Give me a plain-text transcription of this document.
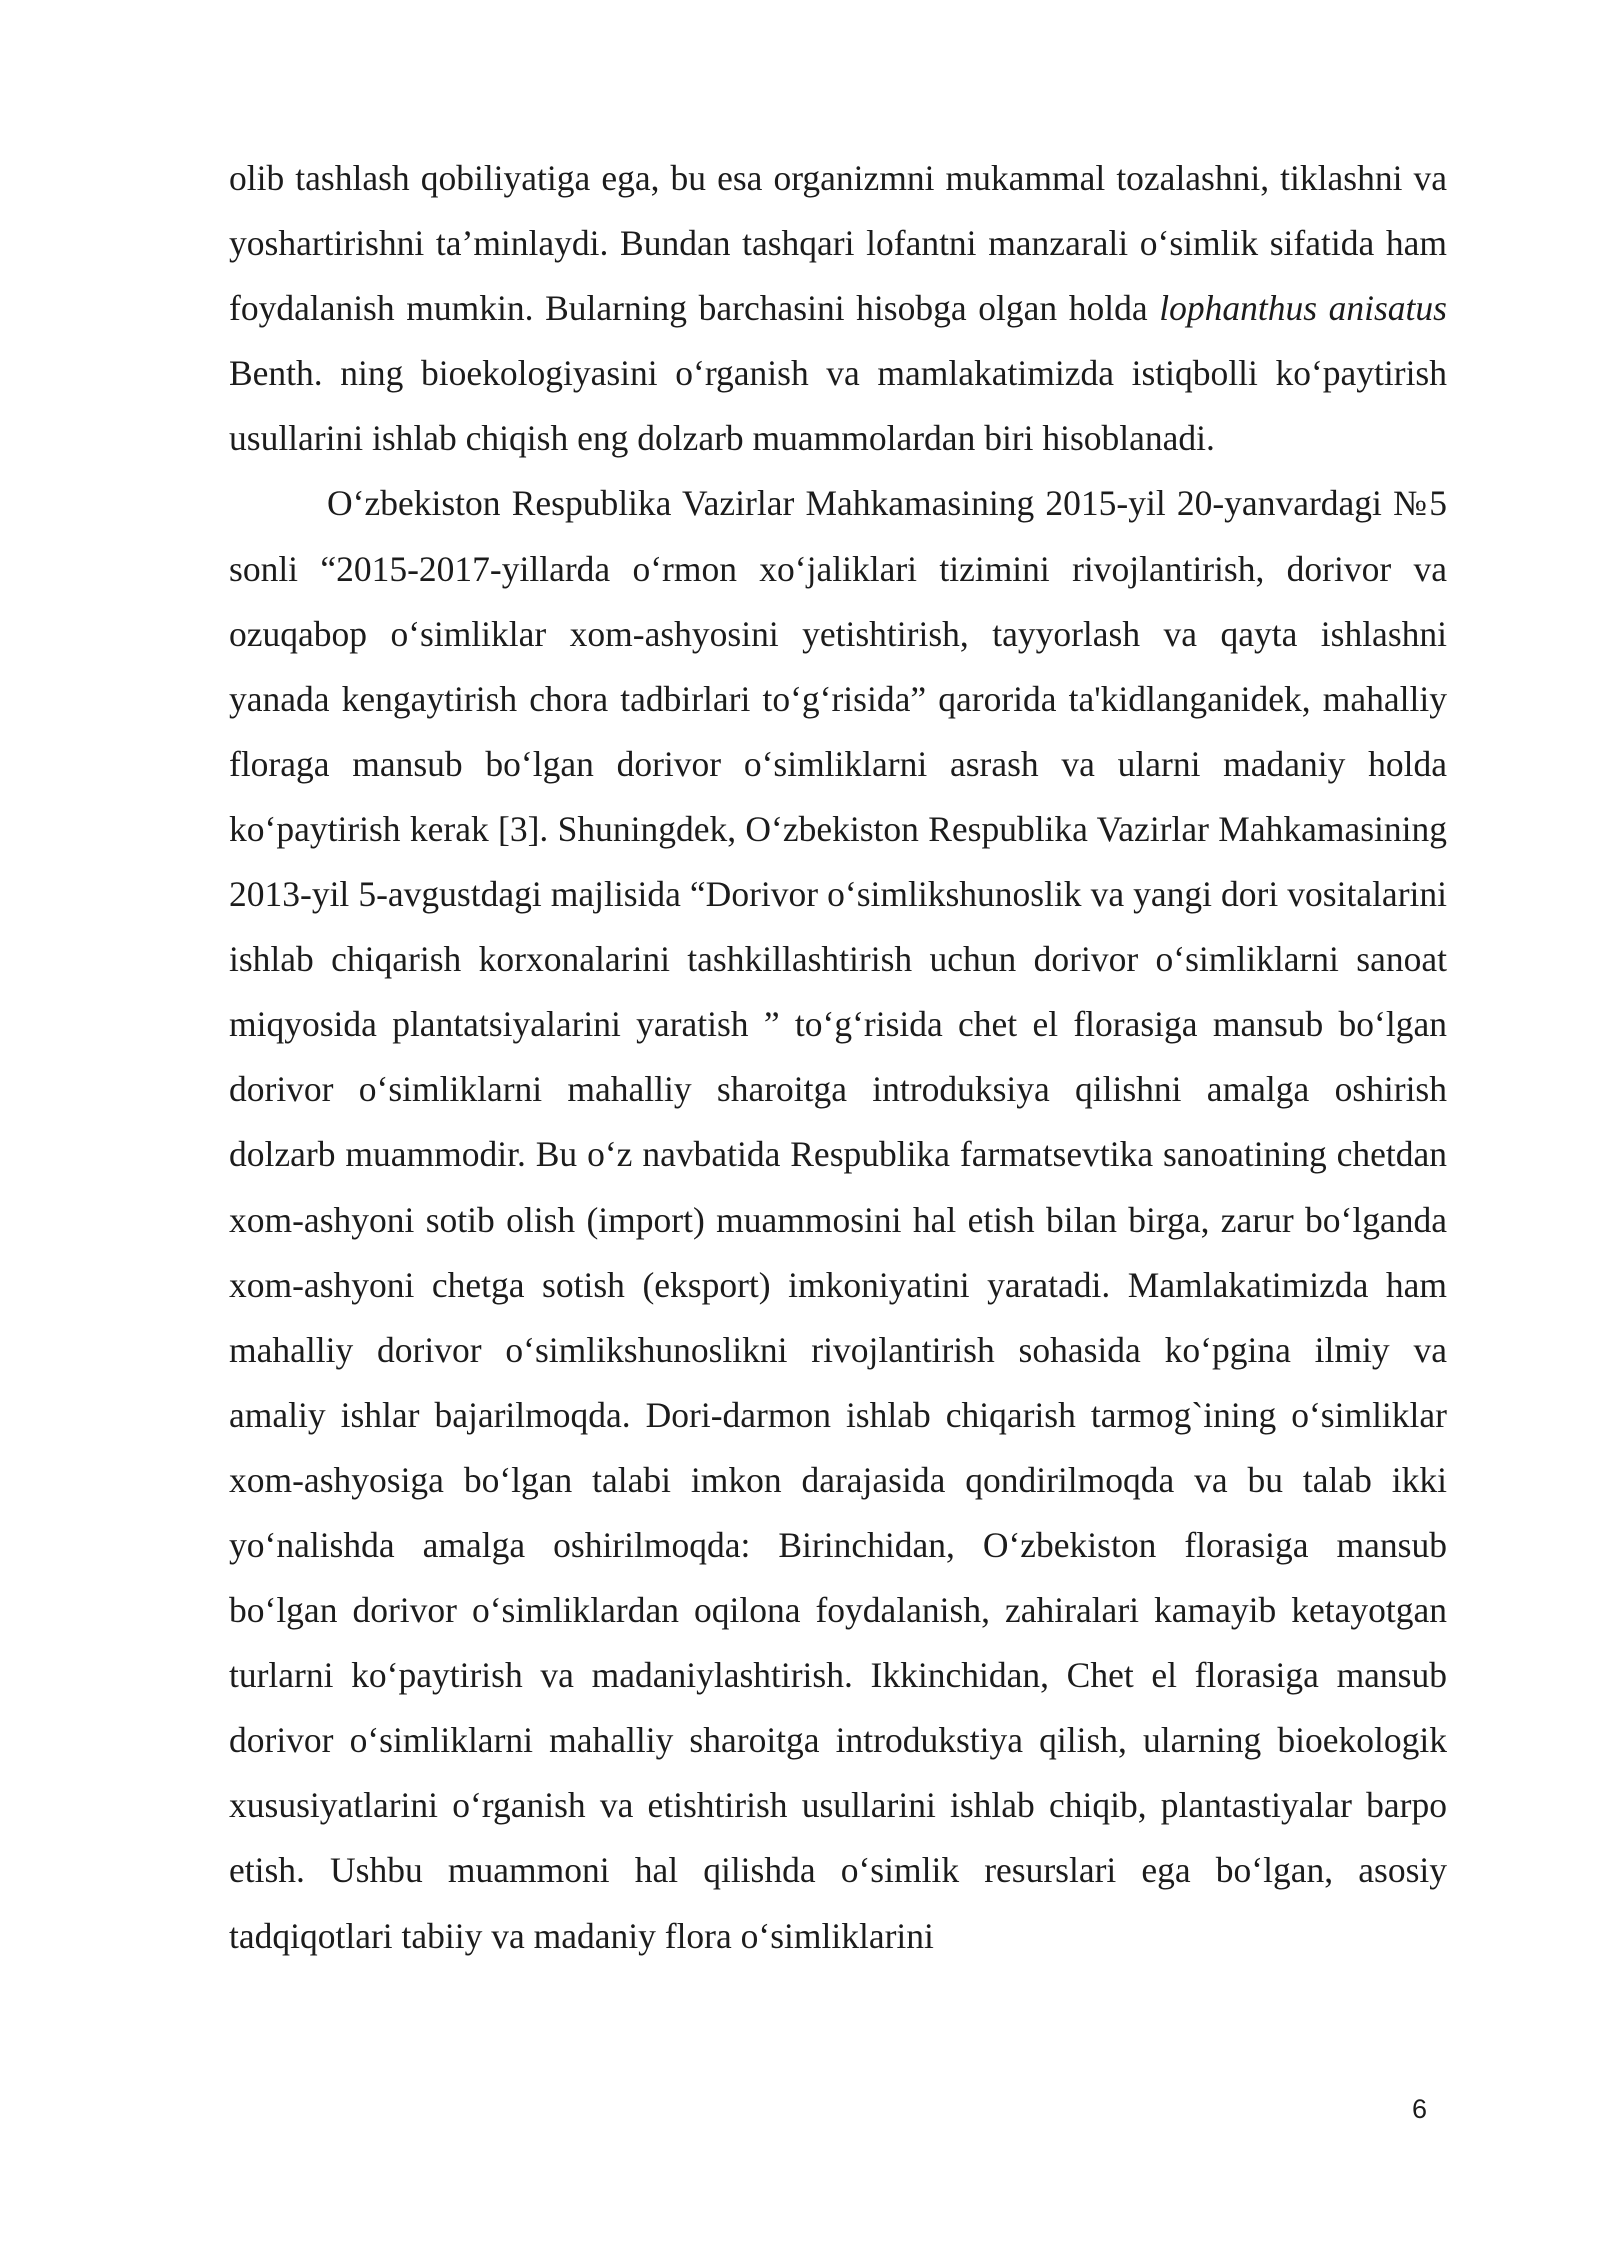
olib tashlash qobiliyatiga ega, bu esa organizmni mukammal tozalashni, tiklashni va yoshartirishni ta’minlaydi. Bundan tashqari lofantni manzarali o‘simlik sifatida ham foydalanish mumkin. Bularning barchasini hisobga olgan holda lophanthus anisatus Benth. ning bioekologiyasini o‘rganish va mamlakatimizda istiqbolli ko‘paytirish usullarini ishlab chiqish eng dolzarb muammolardan biri hisoblanadi.

O‘zbekiston Respublika Vazirlar Mahkamasining 2015-yil 20-yanvardagi №5 sonli “2015-2017-yillarda o‘rmon xo‘jaliklari tizimini rivojlantirish, dorivor va ozuqabop o‘simliklar xom-ashyosini yetishtirish, tayyorlash va qayta ishlashni yanada kengaytirish chora tadbirlari to‘g‘risida” qarorida ta'kidlanganidek, mahalliy floraga mansub bo‘lgan dorivor o‘simliklarni asrash va ularni madaniy holda ko‘paytirish kerak [3]. Shuningdek, O‘zbekiston Respublika Vazirlar Mahkamasining 2013-yil 5-avgustdagi majlisida “Dorivor o‘simlikshunoslik va yangi dori vositalarini ishlab chiqarish korxonalarini tashkillashtirish uchun dorivor o‘simliklarni sanoat miqyosida plantatsiyalarini yaratish ” to‘g‘risida chet el florasiga mansub bo‘lgan dorivor o‘simliklarni mahalliy sharoitga introduksiya qilishni amalga oshirish dolzarb muammodir. Bu o‘z navbatida Respublika farmatsevtika sanoatining chetdan xom-ashyoni sotib olish (import) muammosini hal etish bilan birga, zarur bo‘lganda xom-ashyoni chetga sotish (eksport) imkoniyatini yaratadi. Mamlakatimizda ham mahalliy dorivor o‘simlikshunoslikni rivojlantirish sohasida ko‘pgina ilmiy va amaliy ishlar bajarilmoqda. Dori-darmon ishlab chiqarish tarmog`ining o‘simliklar xom-ashyosiga bo‘lgan talabi imkon darajasida qondirilmoqda va bu talab ikki yo‘nalishda amalga oshirilmoqda: Birinchidan, O‘zbekiston florasiga mansub bo‘lgan dorivor o‘simliklardan oqilona foydalanish, zahiralari kamayib ketayotgan turlarni ko‘paytirish va madaniylashtirish. Ikkinchidan, Chet el florasiga mansub dorivor o‘simliklarni mahalliy sharoitga introdukstiya qilish, ularning bioekologik xususiyatlarini o‘rganish va etishtirish usullarini ishlab chiqib, plantastiyalar barpo etish. Ushbu muammoni hal qilishda o‘simlik resurslari ega bo‘lgan, asosiy tadqiqotlari tabiiy va madaniy flora o‘simliklarini

6
